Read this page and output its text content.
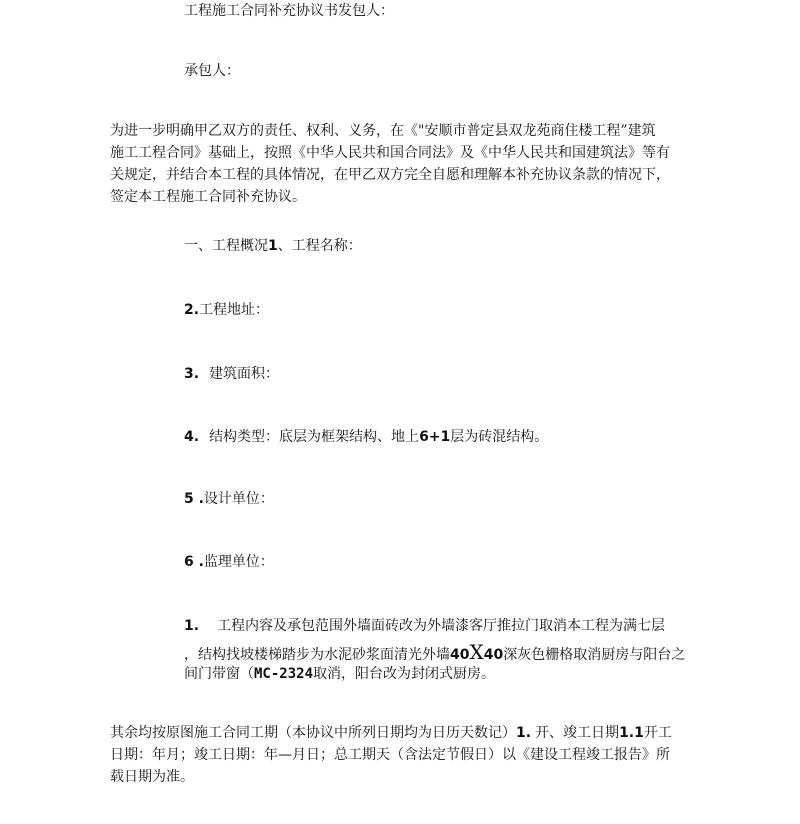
工程施工合同补充协议书发包人：
承包人：
为进一步明确甲乙双方的责任、权利、义务，在《"安顺市普定县双龙苑商住楼工程”建筑
施工工程合同》基础上，按照《中华人民共和国合同法》及《中华人民共和国建筑法》等有
关规定，并结合本工程的具体情况，在甲乙双方完全自愿和理解本补充协议条款的情况下，
签定本工程施工合同补充协议。
一、工程概况1、工程名称：
2.工程地址：
3. 建筑面积：
4. 结构类型：底层为框架结构、地上6+1层为砖混结构。
5 .设计单位：
6 .监理单位：
1. 工程内容及承包范围外墙面砖改为外墙漆客厅推拉门取消本工程为满七层
，结构找坡楼梯踏步为水泥砂浆面清光外墙40X40深灰色栅格取消厨房与阳台之
间门带窗（MC-2324取消，阳台改为封闭式厨房。
其余均按原图施工合同工期（本协议中所列日期均为日历天数记）1. 开、竣工日期1.1开工
日期：年月；竣工日期：年—月日；总工期天（含法定节假日）以《建设工程竣工报告》所
载日期为准。
